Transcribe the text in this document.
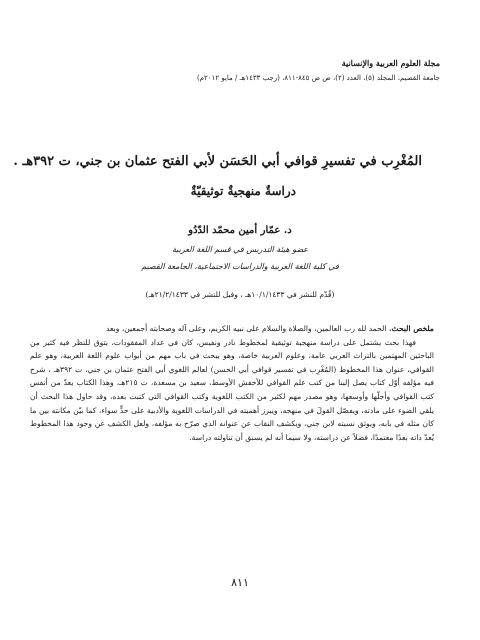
مجلة العلوم العربية والإنسانية
جامعة القصيم، المجلد (٥)، العدد (٢)، ص ص ٨٤٥-٨١١، (رجب ١٤٣٣هـ / مايو ٢٠١٢م)
المُغْرِب في تفسيرِ قوافي أبي الحَسَن لأبي الفتح عثمان بن جني، ت ٣٩٢هـ .
دراسةٌ منهجيةٌ توثيقيّةٌ
د. عمّار أمين محمّد الدّدُو
عضو هيئة التدريس في قسم اللغة العربية
في كلية اللغة العربية والدراسات الاجتماعية، الجامعة القصيم
(قُدّم للنشر في ١٠/١/١٤٣٣هـ ، وقبل للنشر في ٢١/٢/١٤٣٣هـ)

ملخص البحث. الحمد لله رب العالمين، والصلاة والسلام على نبيه الكريم، وعلى آله وصحابته أجمعين، وبعد

فهذا بحث يشتمل على دراسة منهجية توثيقية لمخطوط نادر ونفيس، كان في عداد المفقودات، يتوق للنظر فيه كثير من الباحثين المهتمين بالتراث العربي عامة، وعلوم العربية خاصة، وهو يبحث في باب مهم من أبواب علوم اللغة العربية، وهو علم القوافي، عنوان هذا المخطوط (المُغْرِب في تفسير قوافي أبي الحسن) لعالم اللغوي أبي الفتح عثمان بن جني، ت ٣٩٢هـ ، شرح فيه مؤلفه أوّل كتاب يصل إلينا من كتب علم القوافي للأخفش الأوسط، سعيد بن مسعدة، ت ٢١٥هـ، وهذا الكتاب يعدّ من أنفس كتب القوافي وأجلّها وأوسعها، وهو مصدر مهم لكثير من الكتب اللغوية وكتب القوافي التي كتبت بعده، وقد حاول هذا البحث أن يلقي الضوء على مادته، ويفصّل القولَ في منهجه، ويبرز أهميته في الدراسات اللغوية والأدبية على حدٍّ سواء، كما بيّن مكانته بين ما كان مثله في بابه، ويوثق نسبته لابن جني، ويكشف النقاب عن عنوانه الذي صرّح به مؤلفه، ولعل الكشف عن وجود هذا المخطوط يُعدّ ذاته بعدًا معتمدًا، فضلاً عن دراسته، ولا سيما أنه لم يسبق أن تناولته دراسة.

٨١١
